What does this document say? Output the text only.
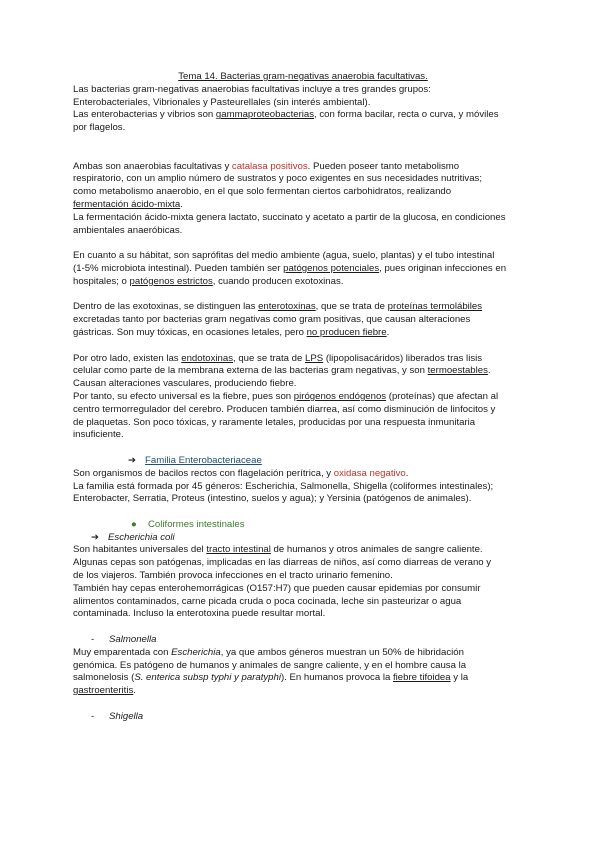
Tema 14. Bacterias gram-negativas anaerobia facultativas.

Las bacterias gram-negativas anaerobias facultativas incluye a tres grandes grupos:

Enterobacteriales, Vibrionales y Pasteurellales (sin interés ambiental).

Las enterobacterias y vibrios son gammaproteobacterias, con forma bacilar, recta o curva, y móviles

por flagelos.

Ambas son anaerobias facultativas y catalasa positivos. Pueden poseer tanto metabolismo

respiratorio, con un amplio número de sustratos y poco exigentes en sus necesidades nutritivas;

como metabolismo anaerobio, en el que solo fermentan ciertos carbohidratos, realizando

fermentación ácido-mixta.

La fermentación ácido-mixta genera lactato, succinato y acetato a partir de la glucosa, en condiciones

ambientales anaeróbicas.

En cuanto a su hábitat, son saprófitas del medio ambiente (agua, suelo, plantas) y el tubo intestinal

(1-5% microbiota intestinal). Pueden también ser patógenos potenciales, pues originan infecciones en

hospitales; o patógenos estrictos, cuando producen exotoxinas.

Dentro de las exotoxinas, se distinguen las enterotoxinas, que se trata de proteínas termolábiles

excretadas tanto por bacterias gram negativas como gram positivas, que causan alteraciones

gástricas. Son muy tóxicas, en ocasiones letales, pero no producen fiebre.

Por otro lado, existen las endotoxinas, que se trata de LPS (lipopolisacáridos) liberados tras lisis

celular como parte de la membrana externa de las bacterias gram negativas, y son termoestables.

Causan alteraciones vasculares, produciendo fiebre.

Por tanto, su efecto universal es la fiebre, pues son pirógenos endógenos (proteínas) que afectan al

centro termorregulador del cerebro. Producen también diarrea, así como disminución de linfocitos y

de plaquetas. Son poco tóxicas, y raramente letales, producidas por una respuesta inmunitaria

insuficiente.

➔ Familia Enterobacteriaceae

Son organismos de bacilos rectos con flagelación perítrica, y oxidasa negativo.

La familia está formada por 45 géneros: Escherichia, Salmonella, Shigella (coliformes intestinales);

Enterobacter, Serratia, Proteus (intestino, suelos y agua); y Yersinia (patógenos de animales).

●	Coliformes intestinales

➔ Escherichia coli

Son habitantes universales del tracto intestinal de humanos y otros animales de sangre caliente.

Algunas cepas son patógenas, implicadas en las diarreas de niños, así como diarreas de verano y

de los viajeros. También provoca infecciones en el tracto urinario femenino.

También hay cepas enterohemorrágicas (O157:H7) que pueden causar epidemias por consumir

alimentos contaminados, carne picada cruda o poca cocinada, leche sin pasteurizar o agua

contaminada. Incluso la enterotoxina puede resultar mortal.

-	Salmonella

Muy emparentada con Escherichia, ya que ambos géneros muestran un 50% de hibridación

genómica. Es patógeno de humanos y animales de sangre caliente, y en el hombre causa la

salmonelosis (S. enterica subsp typhi y paratyphi). En humanos provoca la fiebre tifoidea y la

gastroenteritis.

-	Shigella
